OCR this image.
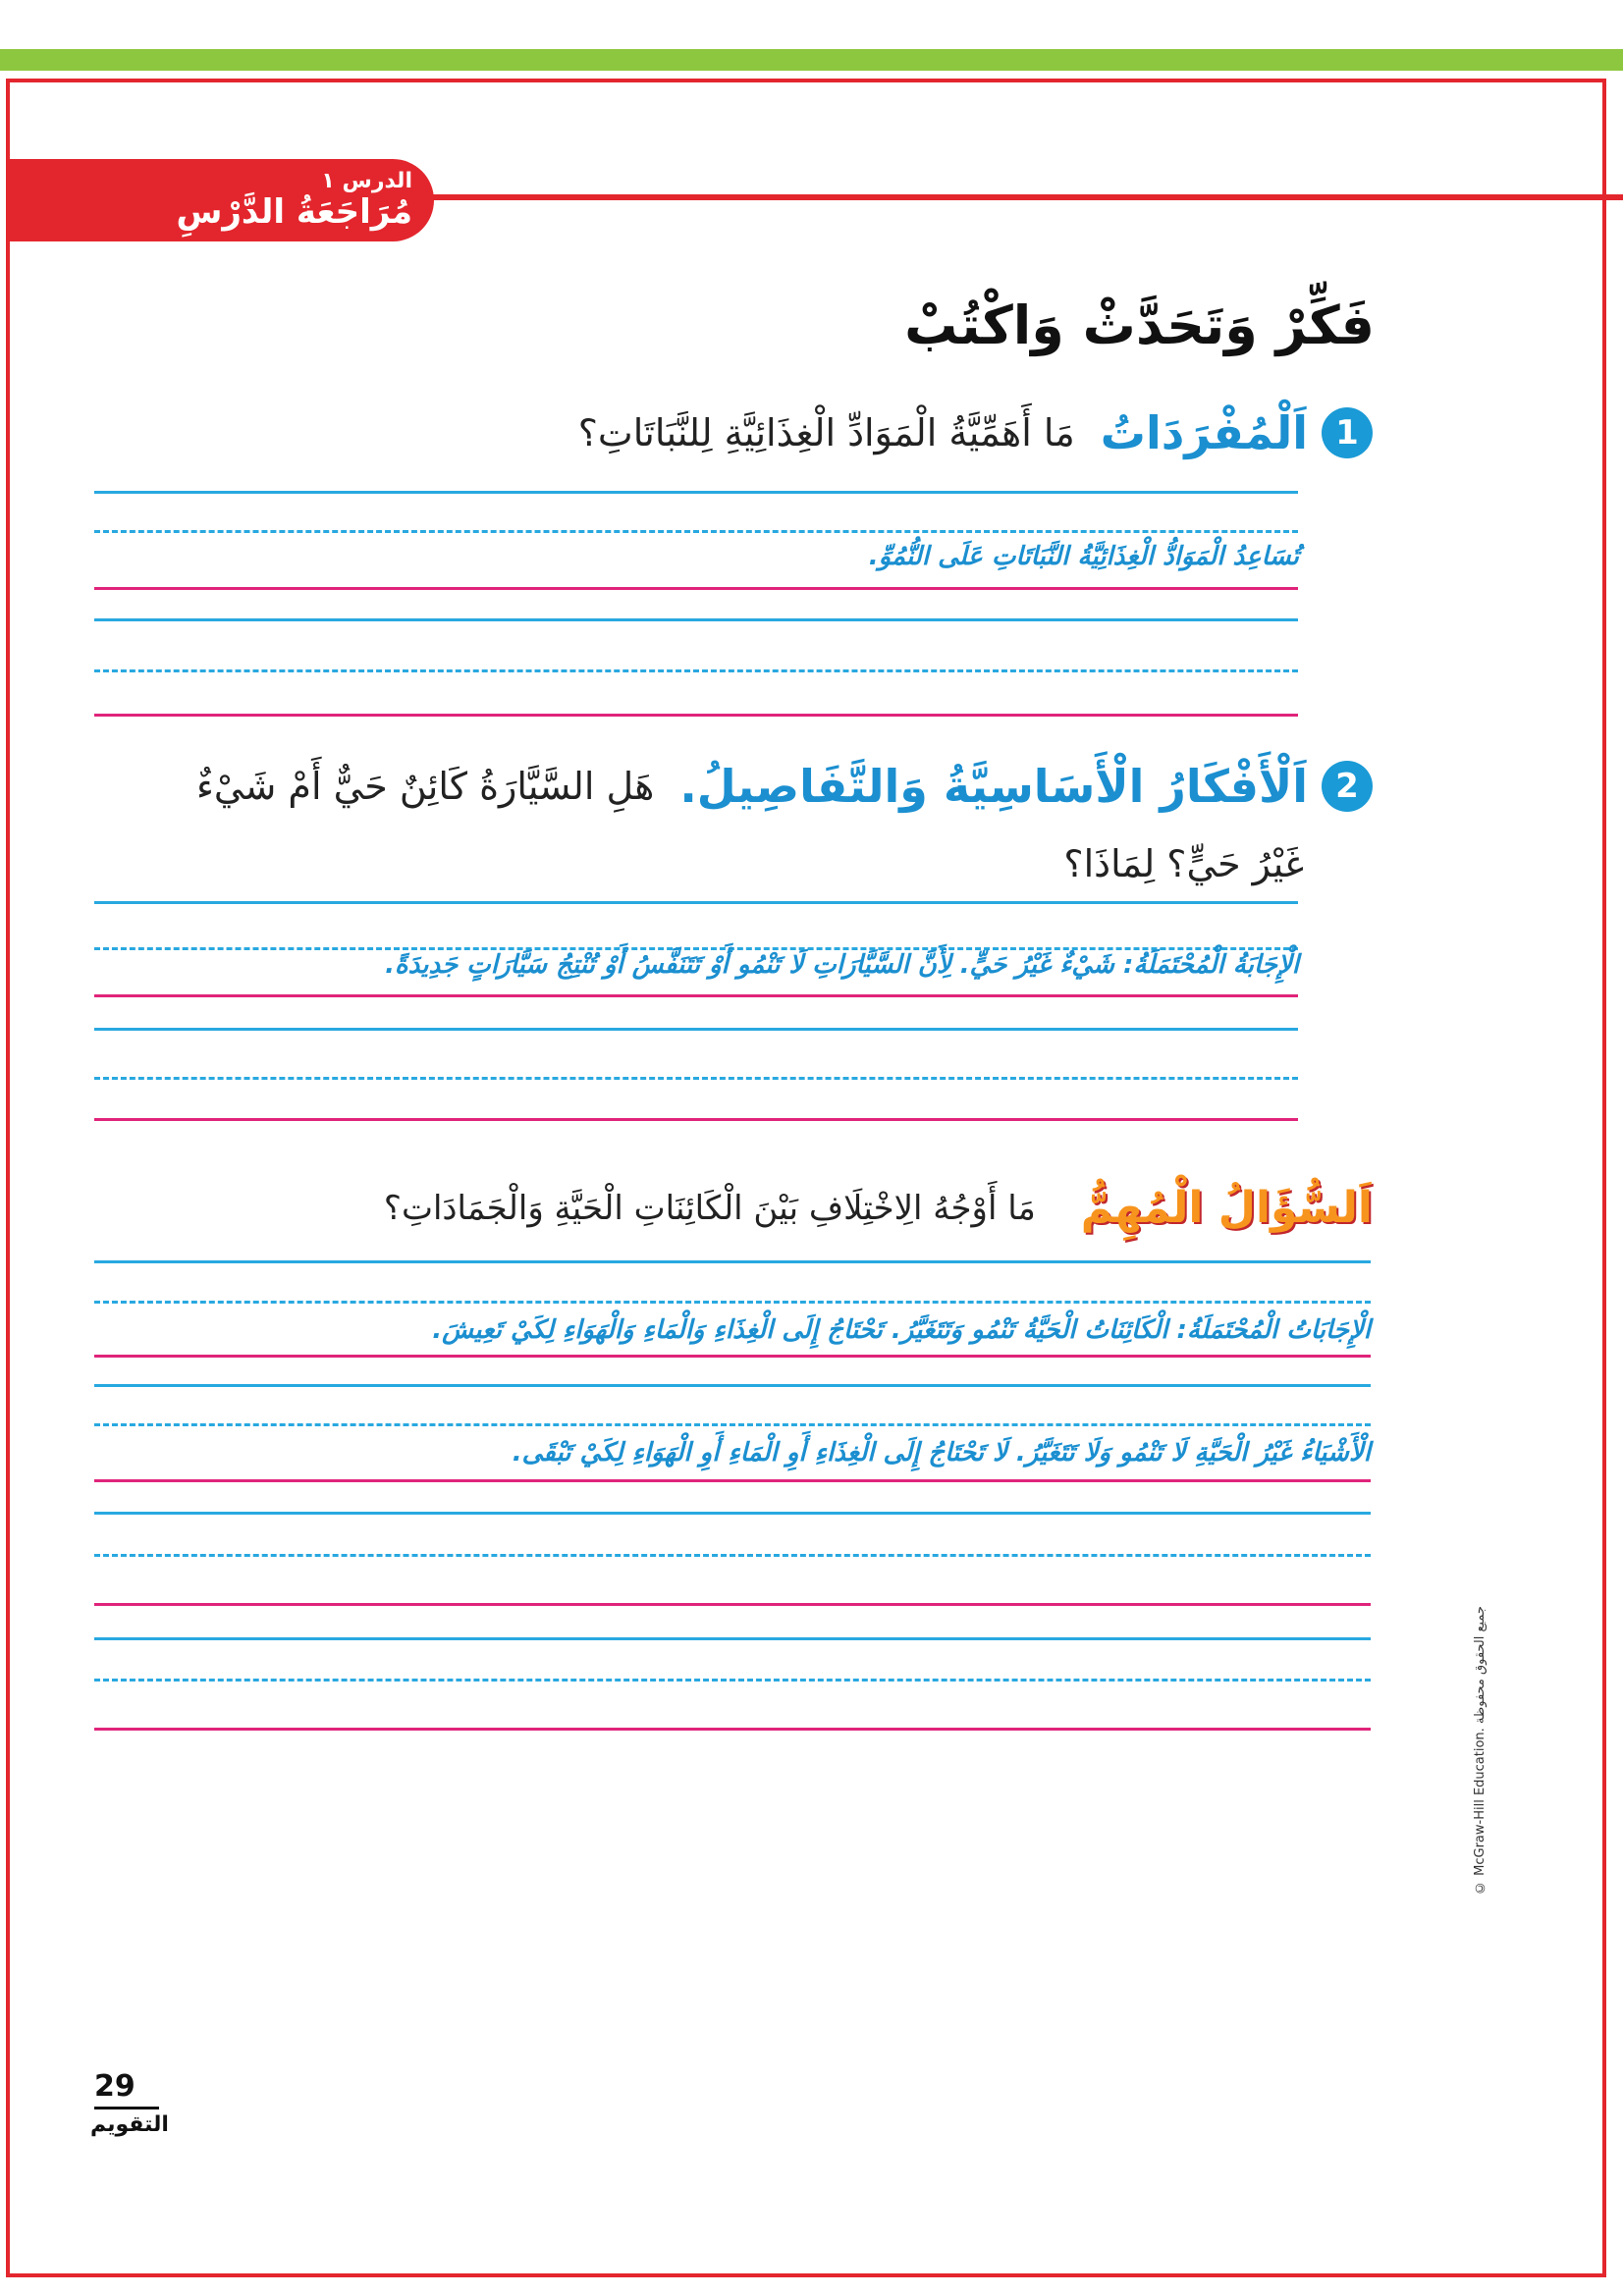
الدرس ١
مُرَاجَعَةُ الدَّرْسِ
فَكِّرْ وَتَحَدَّثْ وَاكْتُبْ
1
اَلْمُفْرَدَاتُ
مَا أَهَمِّيَّةُ الْمَوَادِّ الْغِذَائِيَّةِ لِلنَّبَاتَاتِ؟
تُسَاعِدُ الْمَوَادُّ الْغِذَائِيَّةُ النَّبَاتَاتِ عَلَى النُّمُوِّ.
2
اَلْأَفْكَارُ الْأَسَاسِيَّةُ وَالتَّفَاصِيلُ.
هَلِ السَّيَّارَةُ كَائِنٌ حَيٌّ أَمْ شَيْءٌ
غَيْرُ حَيٍّ؟ لِمَاذَا؟
الْإِجَابَةُ الْمُحْتَمَلَةُ: شَيْءٌ غَيْرُ حَيٍّ. لِأَنَّ السَّيَّارَاتِ لَا تَنْمُو أَوْ تَتَنَفَّسُ أَوْ تُنْتِجُ سَيَّارَاتٍ جَدِيدَةً.
اَلسُّؤَالُ الْمُهِمُّ
مَا أَوْجُهُ الِاخْتِلَافِ بَيْنَ الْكَائِنَاتِ الْحَيَّةِ وَالْجَمَادَاتِ؟
الْإِجَابَاتُ الْمُحْتَمَلَةُ: الْكَائِنَاتُ الْحَيَّةُ تَنْمُو وَتَتَغَيَّرُ. تَحْتَاجُ إِلَى الْغِذَاءِ وَالْمَاءِ وَالْهَوَاءِ لِكَيْ تَعِيشَ.
الْأَشْيَاءُ غَيْرُ الْحَيَّةِ لَا تَنْمُو وَلَا تَتَغَيَّرُ. لَا تَحْتَاجُ إِلَى الْغِذَاءِ أَوِ الْمَاءِ أَوِ الْهَوَاءِ لِكَيْ تَبْقَى.
© McGraw-Hill Education. جميع الحقوق محفوظة
29
التقويم
